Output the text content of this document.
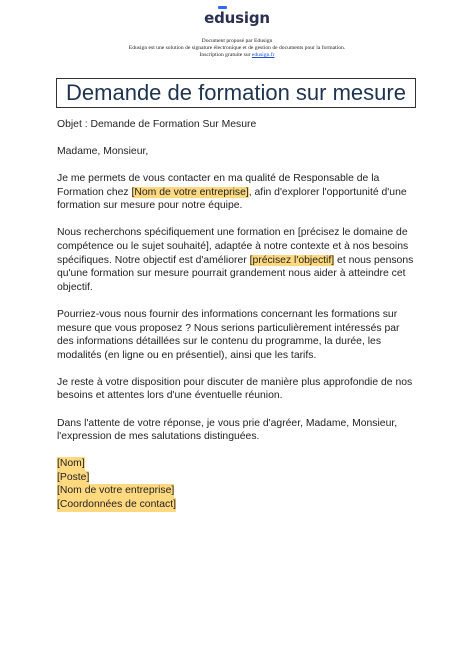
edusign
Document proposé par Edusign
Edusign est une solution de signature électronique et de gestion de documents pour la formation.
Inscription gratuite sur edusign.fr
Demande de formation sur mesure

Objet : Demande de Formation Sur Mesure

Madame, Monsieur,

Je me permets de vous contacter en ma qualité de Responsable de la Formation chez [Nom de votre entreprise], afin d'explorer l'opportunité d'une formation sur mesure pour notre équipe.

Nous recherchons spécifiquement une formation en [précisez le domaine de compétence ou le sujet souhaité], adaptée à notre contexte et à nos besoins spécifiques. Notre objectif est d'améliorer [précisez l'objectif] et nous pensons qu'une formation sur mesure pourrait grandement nous aider à atteindre cet objectif.

Pourriez-vous nous fournir des informations concernant les formations sur mesure que vous proposez ? Nous serions particulièrement intéressés par des informations détaillées sur le contenu du programme, la durée, les modalités (en ligne ou en présentiel), ainsi que les tarifs.

Je reste à votre disposition pour discuter de manière plus approfondie de nos besoins et attentes lors d'une éventuelle réunion.

Dans l'attente de votre réponse, je vous prie d'agréer, Madame, Monsieur, l'expression de mes salutations distinguées.

[Nom]
[Poste]
[Nom de votre entreprise]
[Coordonnées de contact]
